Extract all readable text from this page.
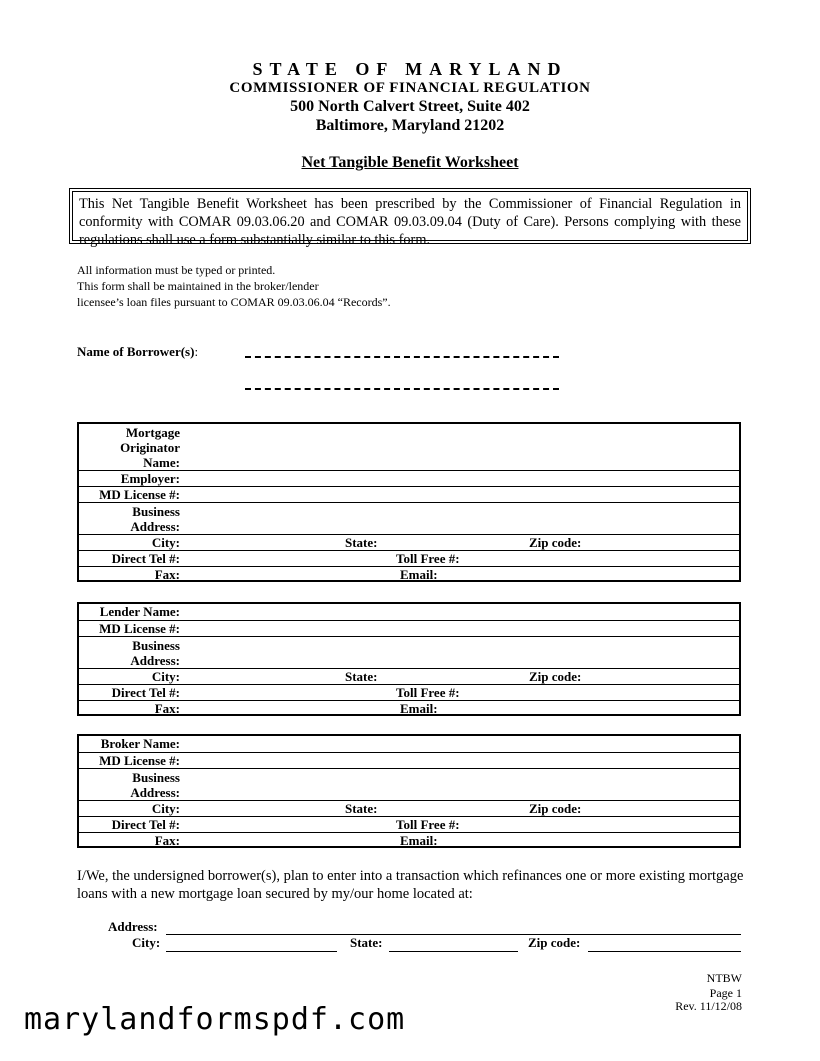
STATE OF MARYLAND
COMMISSIONER OF FINANCIAL REGULATION
500 North Calvert Street, Suite 402
Baltimore, Maryland 21202
Net Tangible Benefit Worksheet
This Net Tangible Benefit Worksheet has been prescribed by the Commissioner of Financial Regulation in conformity with COMAR 09.03.06.20 and COMAR 09.03.09.04 (Duty of Care). Persons complying with these regulations shall use a form substantially similar to this form.
All information must be typed or printed.
This form shall be maintained in the broker/lender
licensee’s loan files pursuant to COMAR 09.03.06.04 “Records”.
Name of Borrower(s):
Mortgage
Originator
Name:
Employer:
MD License #:
Business
Address:
City:	State:	Zip code:
Direct Tel #:	Toll Free #:
Fax:	Email:
Lender Name:
MD License #:
Business
Address:
City:	State:	Zip code:
Direct Tel #:	Toll Free #:
Fax:	Email:
Broker Name:
MD License #:
Business
Address:
City:	State:	Zip code:
Direct Tel #:	Toll Free #:
Fax:	Email:
I/We, the undersigned borrower(s), plan to enter into a transaction which refinances one or more existing mortgage loans with a new mortgage loan secured by my/our home located at:
Address:
City:	State:	Zip code:
NTBW
Page 1
Rev. 11/12/08
marylandformspdf.com
